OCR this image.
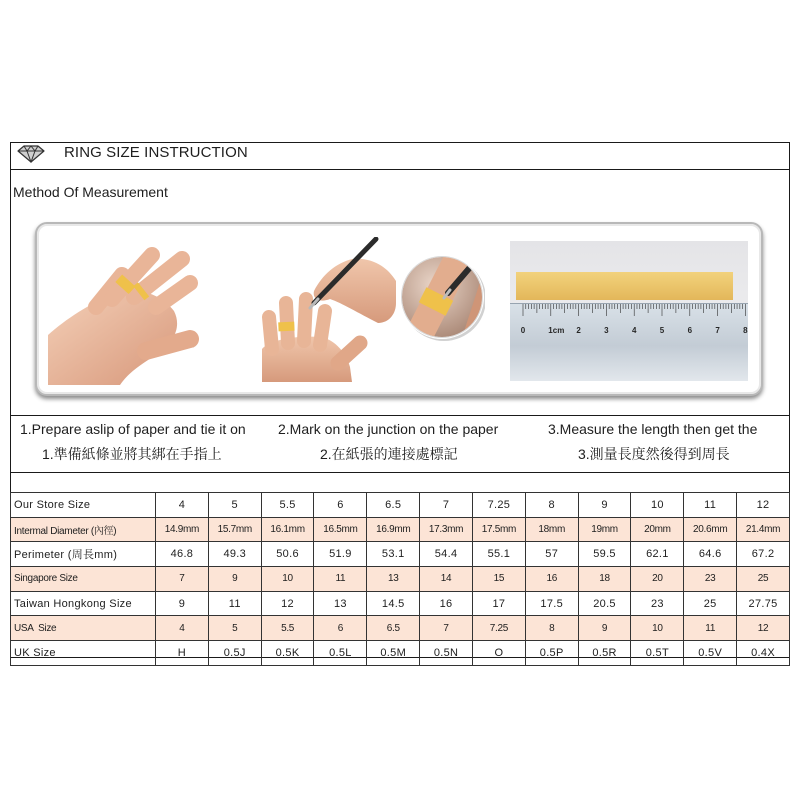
RING SIZE INSTRUCTION
Method Of Measurement
0	1cm 2	3	4	5	6	7	8
1.Prepare aslip of paper and tie it on 2.Mark on the junction on the paper	3.Measure the length then get the
1.準備紙條並將其綁在手指上	2.在紙張的連接處標記	3.測量長度然後得到周長
Our Store Size	4	5	5.5	6	6.5	7	7.25	8	9	10	11	12
Intermal Diameter (內徑)	14.9mm	15.7mm	16.1mm	16.5mm	16.9mm	17.3mm	17.5mm	18mm	19mm	20mm	20.6mm	21.4mm
Perimeter (周長mm)	46.8	49.3	50.6	51.9	53.1	54.4	55.1	57	59.5	62.1	64.6	67.2
Singapore Size	7	9	10	11	13	14	15	16	18	20	23	25
Taiwan Hongkong Size	9	11	12	13	14.5	16	17	17.5	20.5	23	25	27.75
USA  Size	4	5	5.5	6	6.5	7	7.25	8	9	10	11	12
UK Size	H	0.5J	0.5K	0.5L	0.5M	0.5N	O	0.5P	0.5R	0.5T	0.5V	0.4X
